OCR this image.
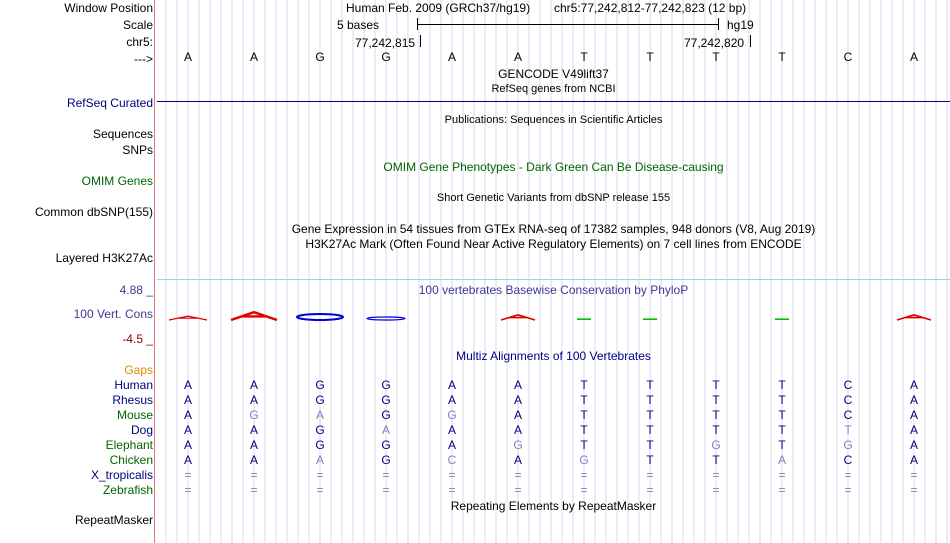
Window Position	Human Feb. 2009 (GRCh37/hg19) chr5:77,242,812-77,242,823 (12 bp)
Scale	5 bases	hg19
chr5:	77,242,815	77,242,820
--->	A	A	G	G	A	A	T	T	T	T	C	A
GENCODE V49lift37
RefSeq genes from NCBI
RefSeq Curated
Publications: Sequences in Scientific Articles
Sequences
SNPs
OMIM Gene Phenotypes - Dark Green Can Be Disease-causing
OMIM Genes
Short Genetic Variants from dbSNP release 155
Common dbSNP(155)
Gene Expression in 54 tissues from GTEx RNA-seq of 17382 samples, 948 donors (V8, Aug 2019)
H3K27Ac Mark (Often Found Near Active Regulatory Elements) on 7 cell lines from ENCODE
Layered H3K27Ac
4.88 _	100 vertebrates Basewise Conservation by PhyloP
100 Vert. Cons
-4.5 _
Multiz Alignments of 100 Vertebrates
Gaps
Human	A	A	G	G	A	A	T	T	T	T	C	A
Rhesus	A	A	G	G	A	A	T	T	T	T	C	A
Mouse	A	G	A	G	G	A	T	T	T	T	C	A
Dog	A	A	G	A	A	A	T	T	T	T	T	A
Elephant	A	A	G	G	A	G	T	T	G	T	G	A
Chicken	A	A	A	G	C	A	G	T	T	A	C	A
X_tropicalis	=	=	=	=	=	=	=	=	=	=	=	=
Zebrafish	=	=	=	=	=	=	=	=	=	=	=	=
Repeating Elements by RepeatMasker
RepeatMasker
